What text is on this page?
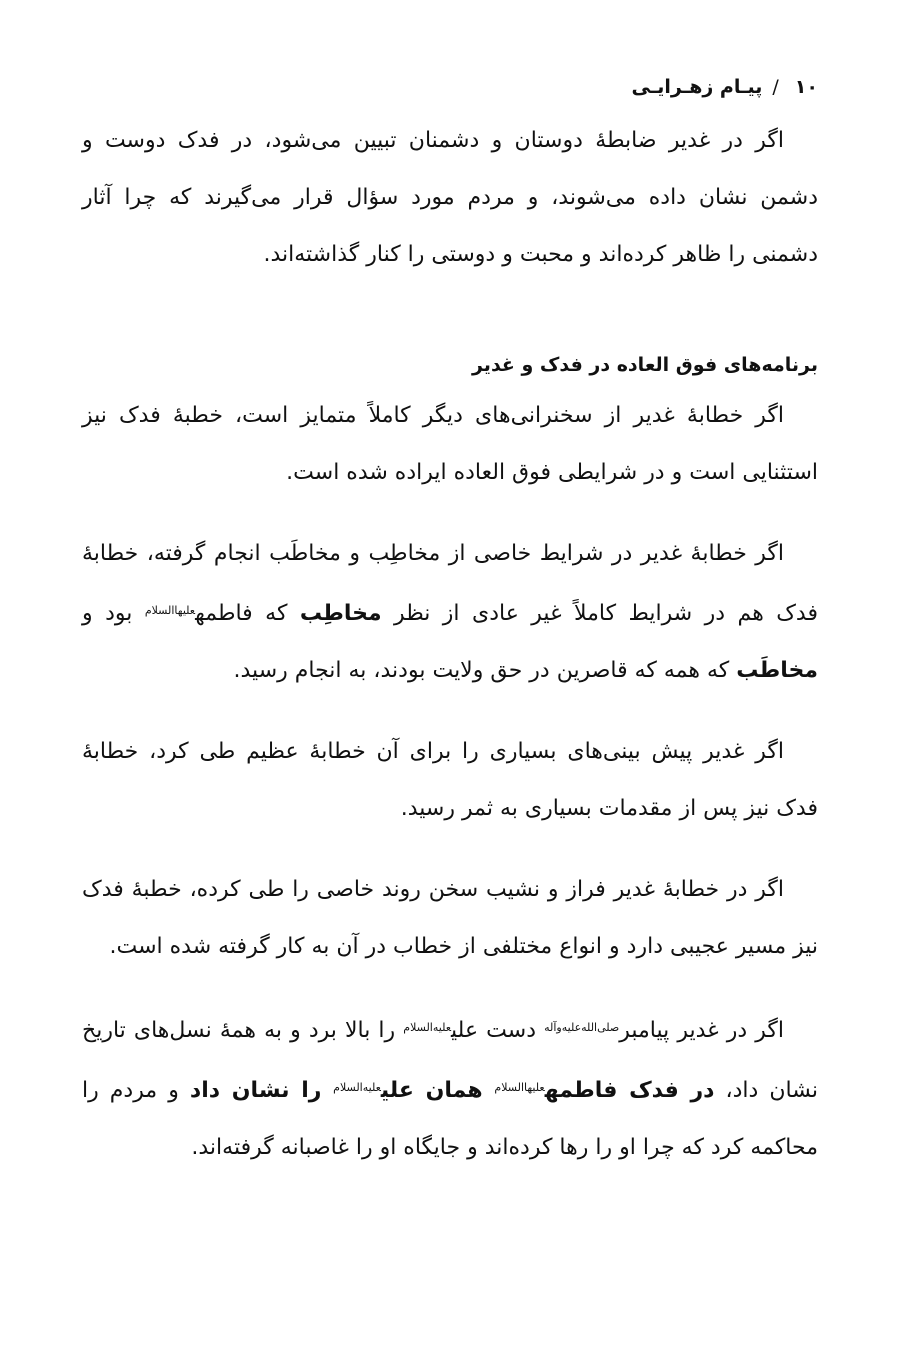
۱۰/پیـام زهـرایـی

اگر در غدیر ضابطهٔ دوستان و دشمنان تبیین می‌شود، در فدک دوست و دشمن نشان داده می‌شوند، و مردم مورد سؤال قرار می‌گیرند که چرا آثار دشمنی را ظاهر کرده‌اند و محبت و دوستی را کنار گذاشته‌اند.

برنامه‌های فوق العاده در فدک و غدیر

اگر خطابهٔ غدیر از سخنرانی‌های دیگر کاملاً متمایز است، خطبهٔ فدک نیز استثنایی است و در شرایطی فوق العاده ایراده شده است.

اگر خطابهٔ غدیر در شرایط خاصی از مخاطِب و مخاطَب انجام گرفته، خطابهٔ فدک هم در شرایط کاملاً غیر عادی از نظر مخاطِب که فاطمه$^{علیهاالسلام}$ بود و مخاطَب که همه که قاصرین در حق ولایت بودند، به انجام رسید.

اگر غدیر پیش بینی‌های بسیاری را برای آن خطابهٔ عظیم طی کرد، خطابهٔ فدک نیز پس از مقدمات بسیاری به ثمر رسید.

اگر در خطابهٔ غدیر فراز و نشیب سخن روند خاصی را طی کرده، خطبهٔ فدک نیز مسیر عجیبی دارد و انواع مختلفی از خطاب در آن به کار گرفته شده است.

اگر در غدیر پیامبر$^{صلی‌الله‌علیه‌وآله}$ دست علی$^{علیه‌السلام}$ را بالا برد و به همهٔ نسل‌های تاریخ نشان داد، در فدک فاطمه$^{علیهاالسلام}$ همان علی$^{علیه‌السلام}$ را نشان داد و مردم را محاکمه کرد که چرا او را رها کرده‌اند و جایگاه او را غاصبانه گرفته‌اند.
